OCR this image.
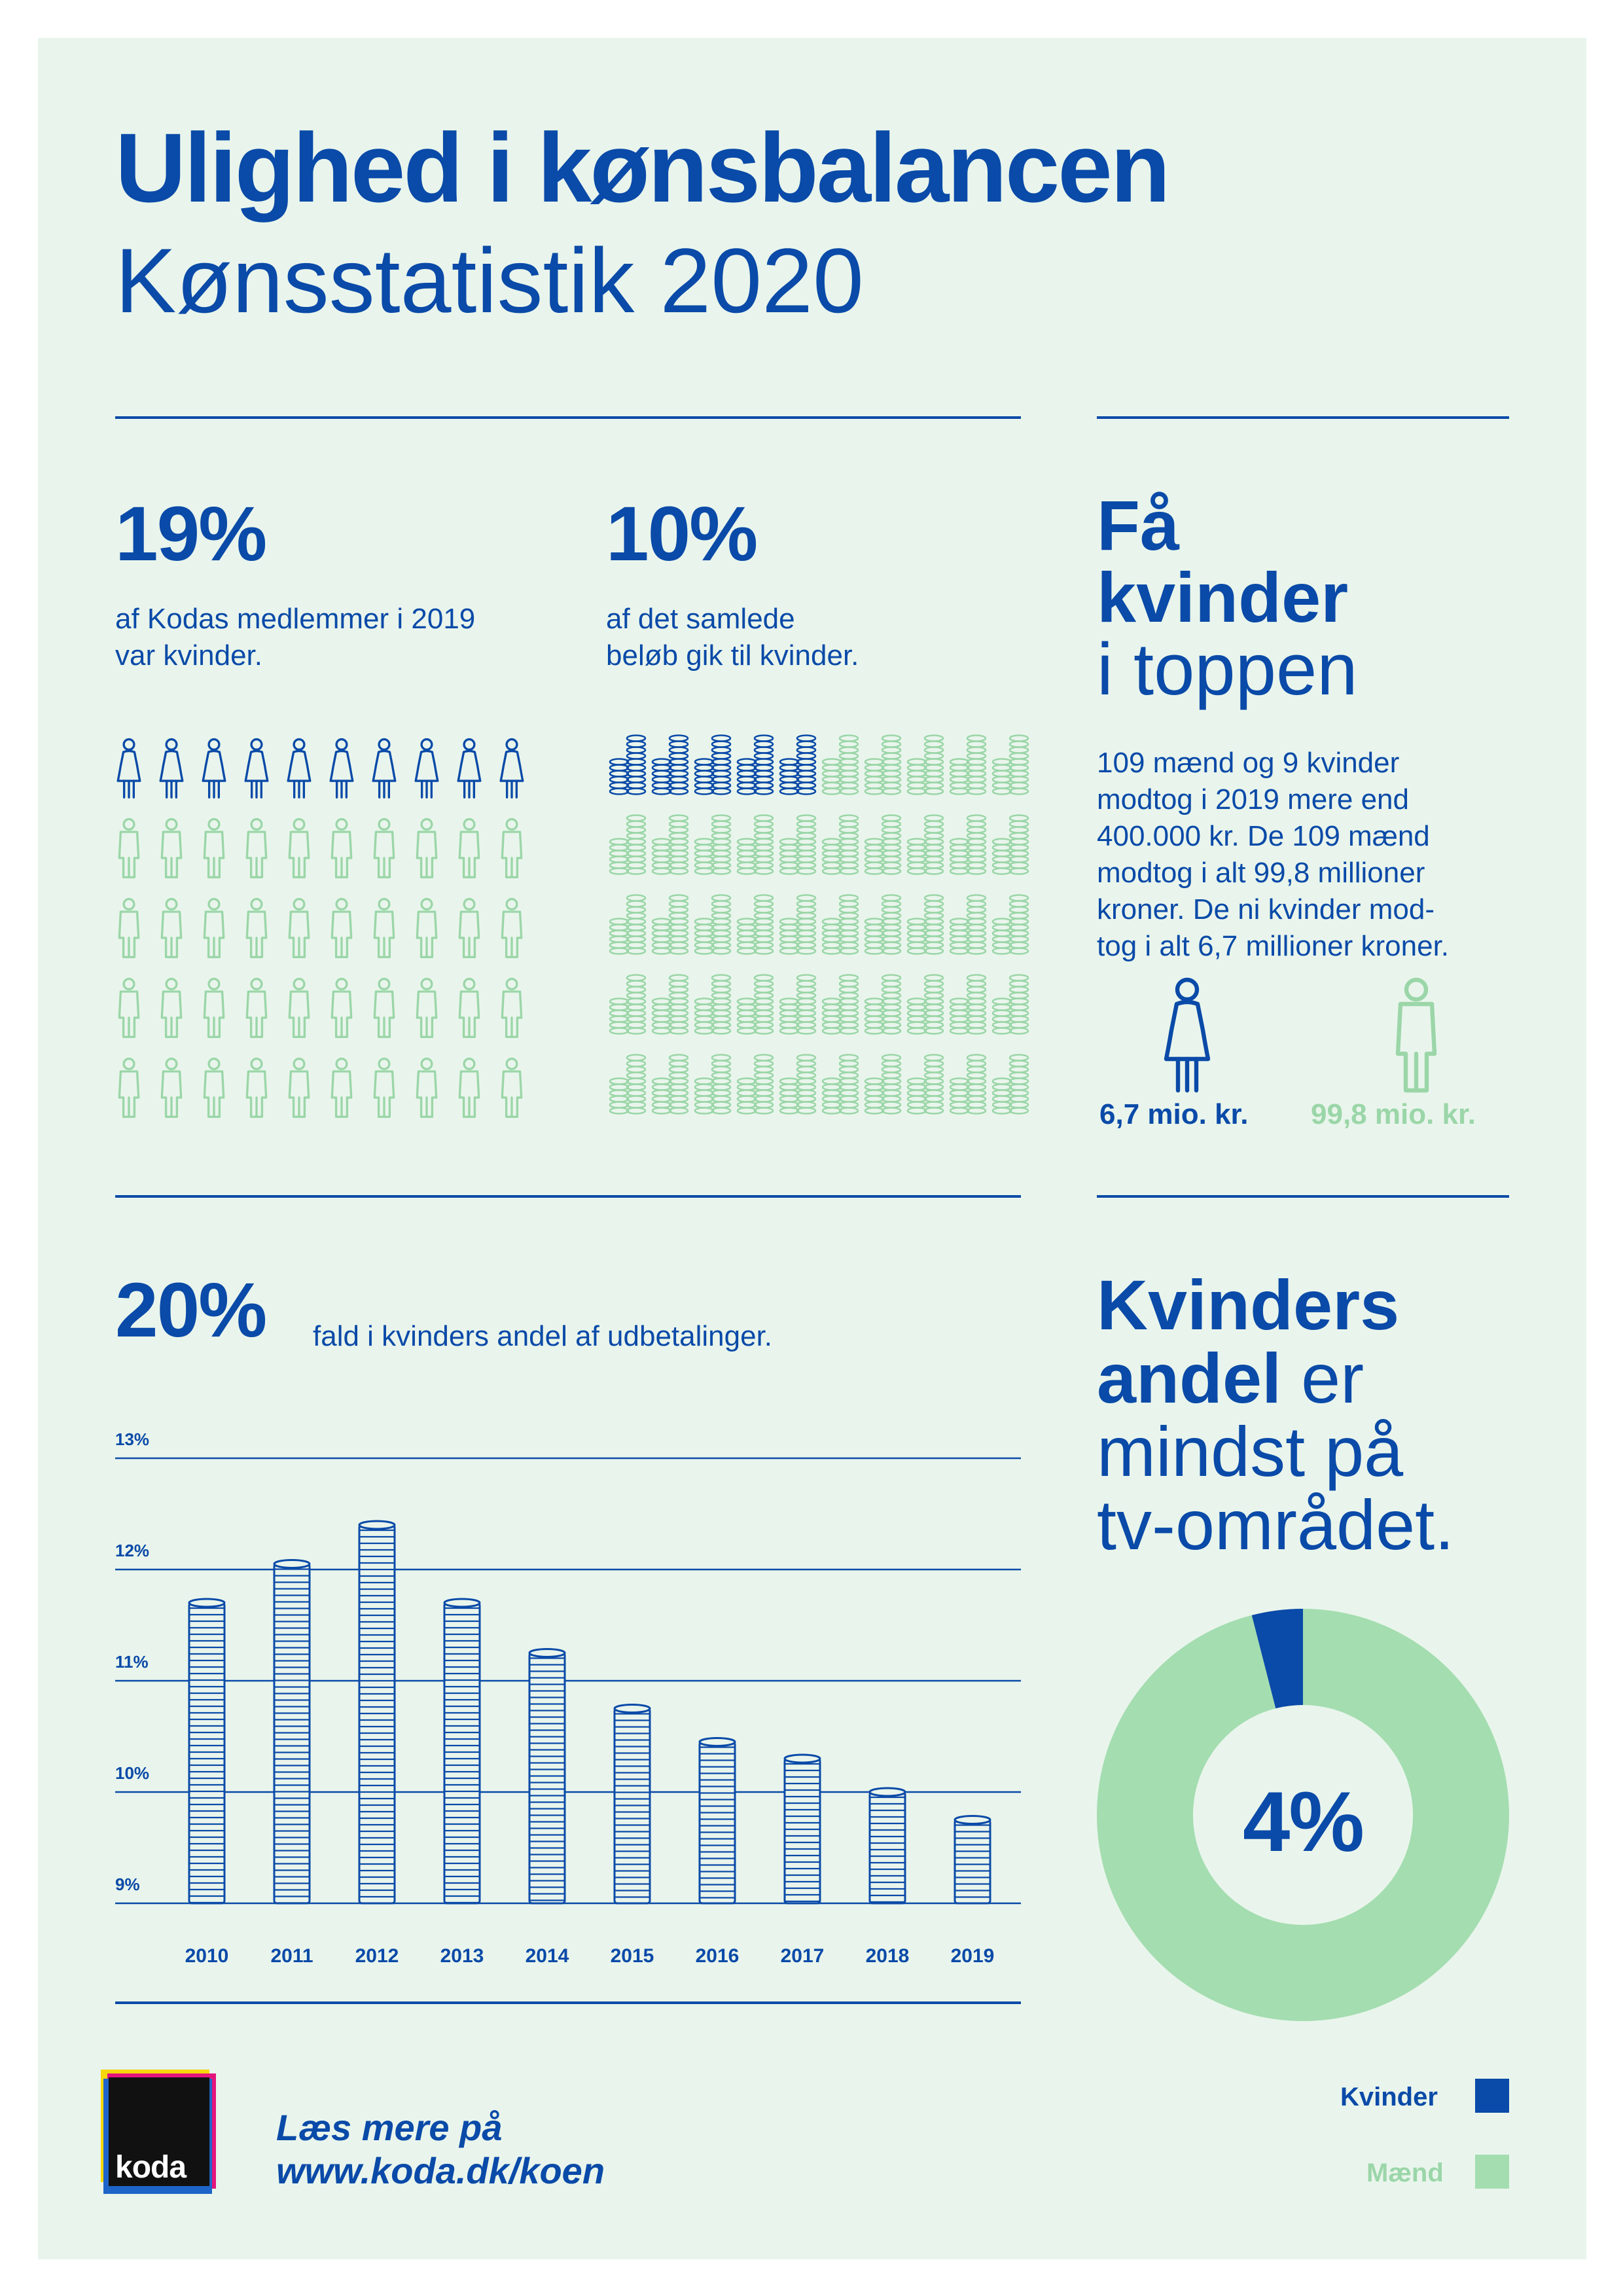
Ulighed i kønsbalancen
Kønsstatistik 2020
19%
af Kodas medlemmer i 2019
var kvinder.
10%
af det samlede
beløb gik til kvinder.
Få
kvinder
i toppen
109 mænd og 9 kvinder
modtog i 2019 mere end
400.000 kr. De 109 mænd
modtog i alt 99,8 millioner
kroner. De ni kvinder mod-
tog i alt 6,7 millioner kroner.
6,7 mio. kr. 99,8 mio. kr.
20% fald i kvinders andel af udbetalinger.
13%
12%
11%
10%
9%
2010 2011 2012 2013 2014 2015 2016 2017 2018 2019
Kvinders
andel er
mindst på
tv-området.
4%
Kvinder
Mænd
koda
Læs mere på
www.koda.dk/koen
